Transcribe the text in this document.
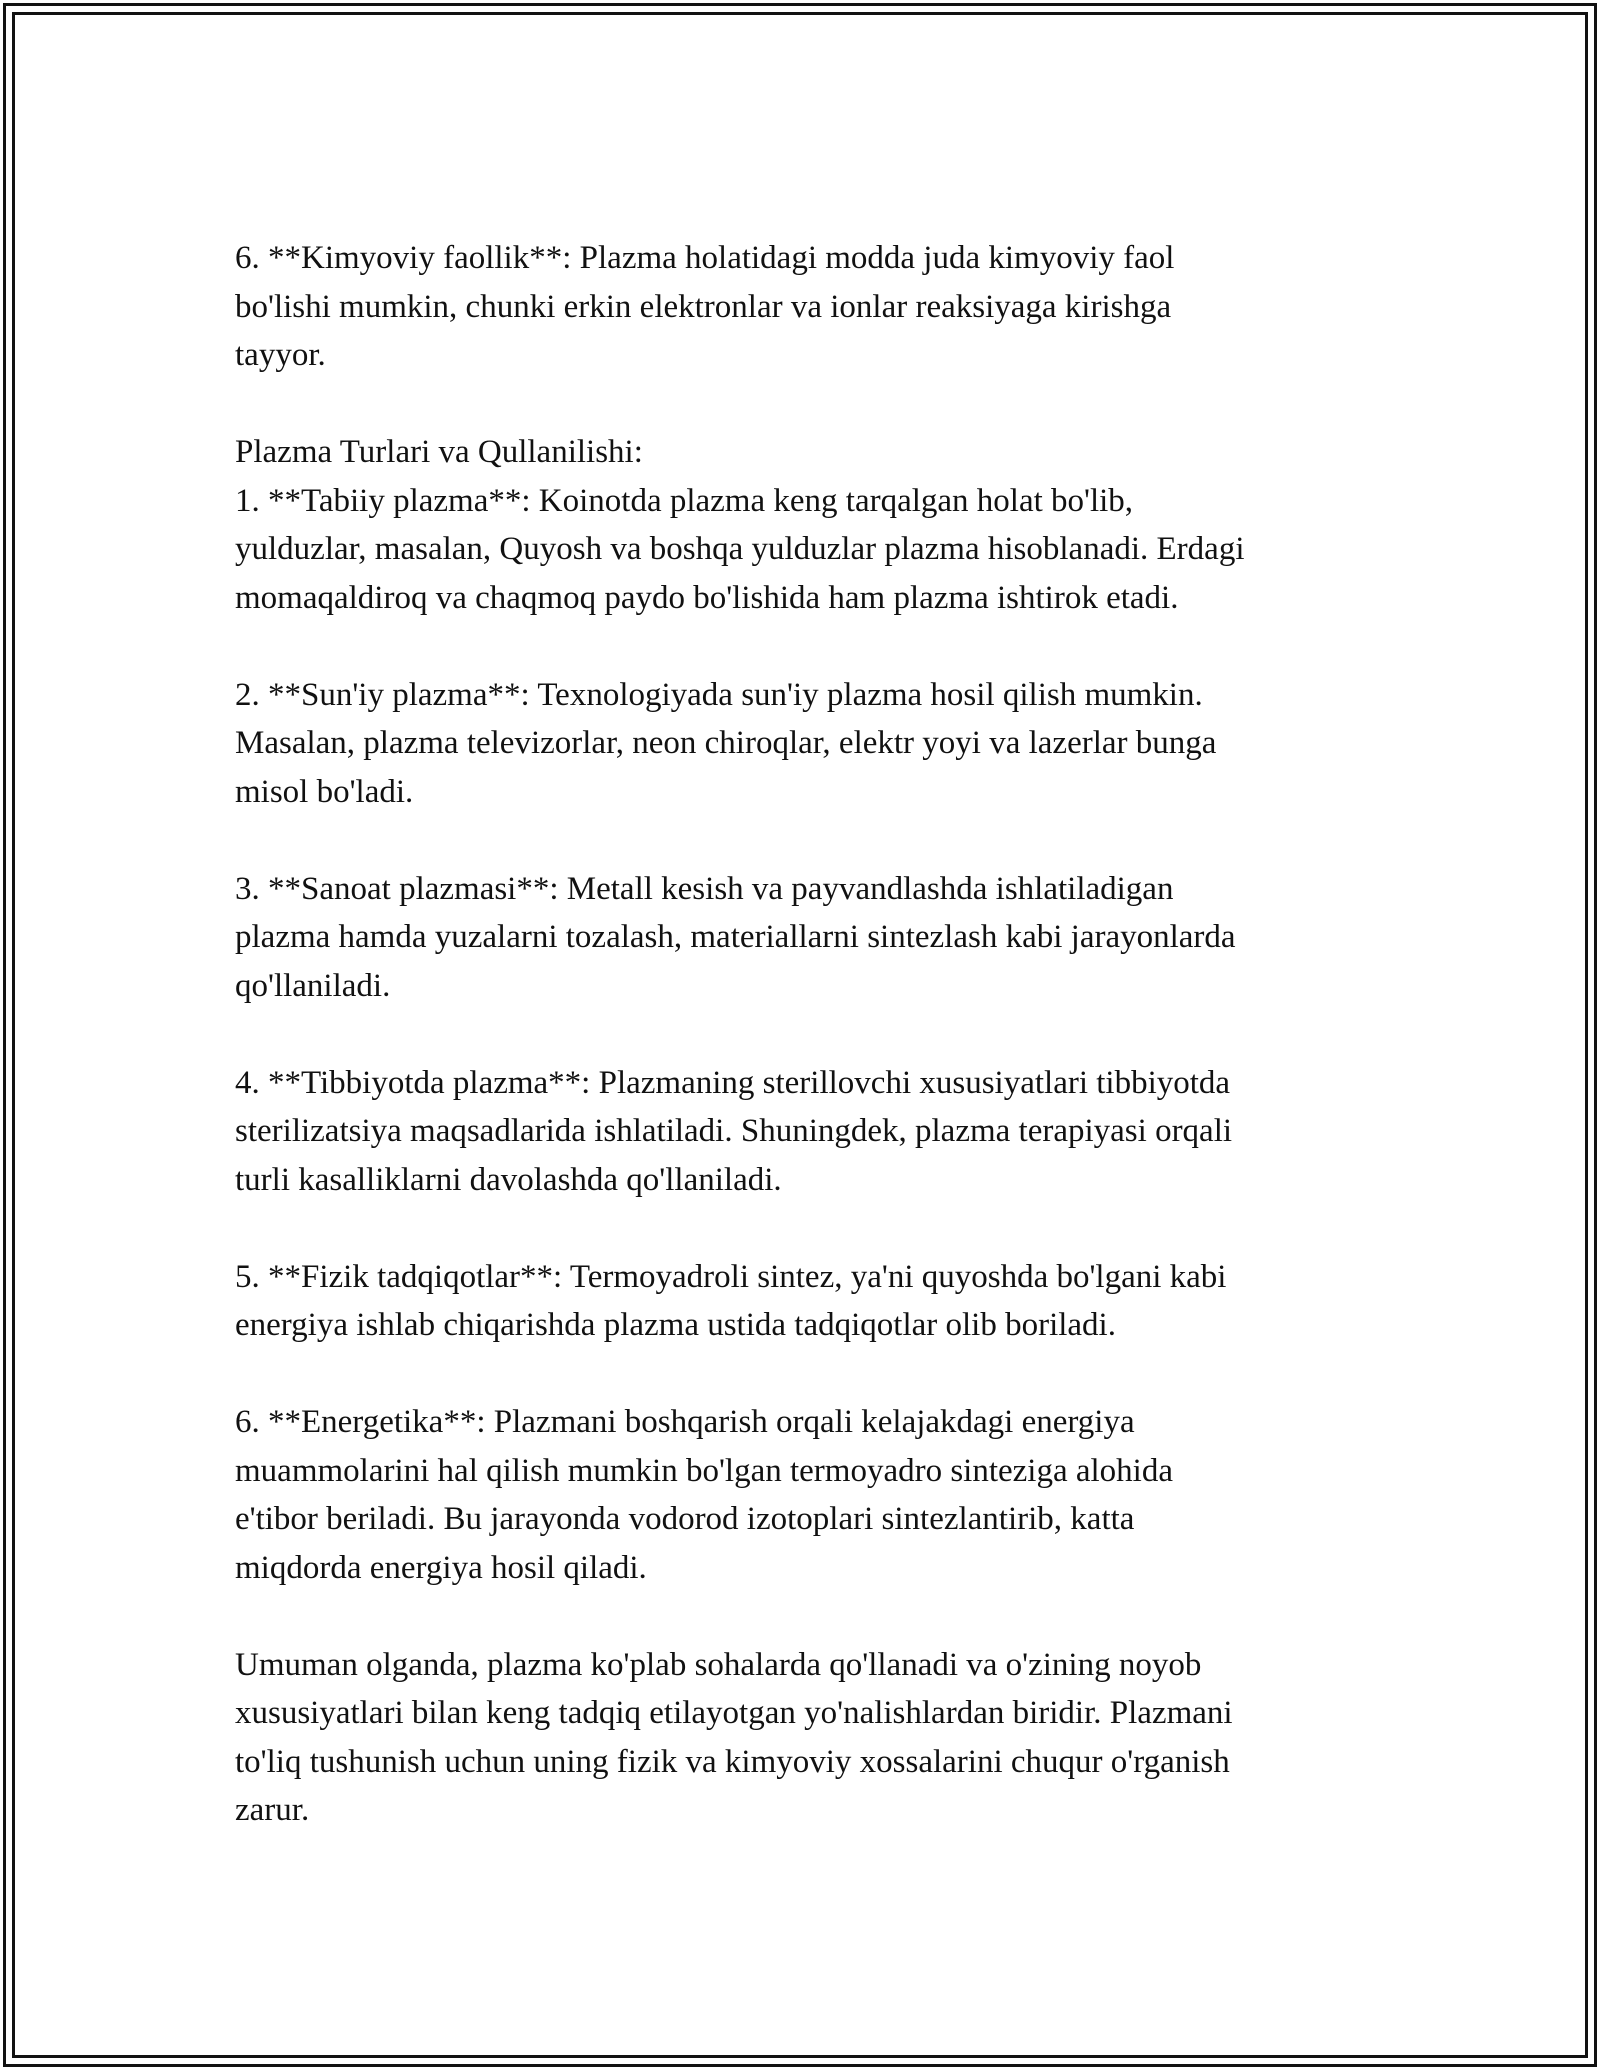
6. **Kimyoviy faollik**: Plazma holatidagi modda juda kimyoviy faol
bo'lishi mumkin, chunki erkin elektronlar va ionlar reaksiyaga kirishga
tayyor.

Plazma Turlari va Qullanilishi:

1. **Tabiiy plazma**: Koinotda plazma keng tarqalgan holat bo'lib,
yulduzlar, masalan, Quyosh va boshqa yulduzlar plazma hisoblanadi. Erdagi
momaqaldiroq va chaqmoq paydo bo'lishida ham plazma ishtirok etadi.

2. **Sun'iy plazma**: Texnologiyada sun'iy plazma hosil qilish mumkin.
Masalan, plazma televizorlar, neon chiroqlar, elektr yoyi va lazerlar bunga
misol bo'ladi.

3. **Sanoat plazmasi**: Metall kesish va payvandlashda ishlatiladigan
plazma hamda yuzalarni tozalash, materiallarni sintezlash kabi jarayonlarda
qo'llaniladi.

4. **Tibbiyotda plazma**: Plazmaning sterillovchi xususiyatlari tibbiyotda
sterilizatsiya maqsadlarida ishlatiladi. Shuningdek, plazma terapiyasi orqali
turli kasalliklarni davolashda qo'llaniladi.

5. **Fizik tadqiqotlar**: Termoyadroli sintez, ya'ni quyoshda bo'lgani kabi
energiya ishlab chiqarishda plazma ustida tadqiqotlar olib boriladi.

6. **Energetika**: Plazmani boshqarish orqali kelajakdagi energiya
muammolarini hal qilish mumkin bo'lgan termoyadro sinteziga alohida
e'tibor beriladi. Bu jarayonda vodorod izotoplari sintezlantirib, katta
miqdorda energiya hosil qiladi.

Umuman olganda, plazma ko'plab sohalarda qo'llanadi va o'zining noyob
xususiyatlari bilan keng tadqiq etilayotgan yo'nalishlardan biridir. Plazmani
to'liq tushunish uchun uning fizik va kimyoviy xossalarini chuqur o'rganish
zarur.
